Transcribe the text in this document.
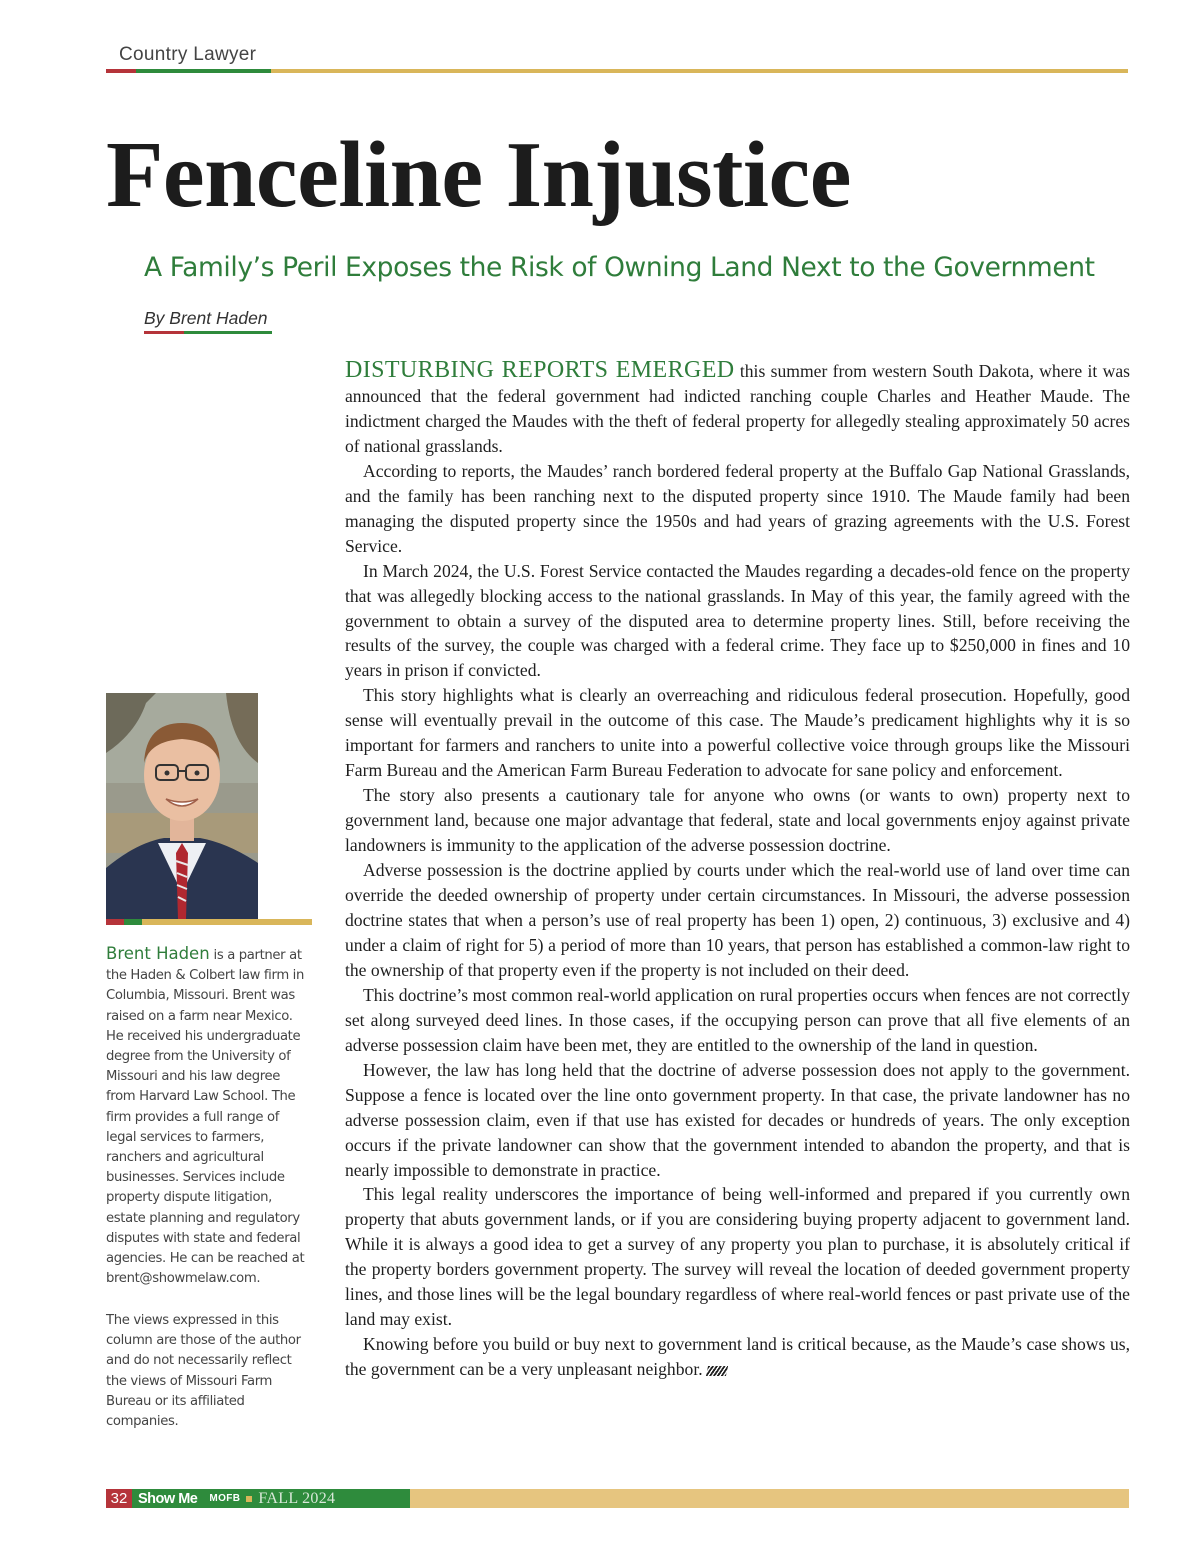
Country Lawyer
Fenceline Injustice
A Family’s Peril Exposes the Risk of Owning Land Next to the Government
By Brent Haden
Brent Haden is a partner at the Haden & Colbert law firm in Columbia, Missouri. Brent was raised on a farm near Mexico. He received his undergraduate degree from the University of Missouri and his law degree from Harvard Law School. The firm provides a full range of legal services to farmers, ranchers and agricultural businesses. Services include property dispute litigation, estate planning and regulatory disputes with state and federal agencies. He can be reached at brent@showmelaw.com.
The views expressed in this column are those of the author and do not necessarily reflect the views of Missouri Farm Bureau or its affiliated companies.

DISTURBING REPORTS EMERGED this summer from western South Dakota, where it was announced that the federal government had indicted ranching couple Charles and Heather Maude. The indictment charged the Maudes with the theft of federal property for allegedly stealing approximately 50 acres of national grasslands.

According to reports, the Maudes’ ranch bordered federal property at the Buffalo Gap National Grasslands, and the family has been ranching next to the disputed property since 1910. The Maude family had been managing the disputed property since the 1950s and had years of grazing agreements with the U.S. Forest Service.

In March 2024, the U.S. Forest Service contacted the Maudes regarding a decades-old fence on the property that was allegedly blocking access to the national grasslands. In May of this year, the family agreed with the government to obtain a survey of the disputed area to determine property lines. Still, before receiving the results of the survey, the couple was charged with a federal crime. They face up to $250,000 in fines and 10 years in prison if convicted.

This story highlights what is clearly an overreaching and ridiculous federal prosecution. Hopefully, good sense will eventually prevail in the outcome of this case. The Maude’s predicament highlights why it is so important for farmers and ranchers to unite into a powerful collective voice through groups like the Missouri Farm Bureau and the American Farm Bureau Federation to advocate for sane policy and enforcement.

The story also presents a cautionary tale for anyone who owns (or wants to own) property next to government land, because one major advantage that federal, state and local governments enjoy against private landowners is immunity to the application of the adverse possession doctrine.

Adverse possession is the doctrine applied by courts under which the real-world use of land over time can override the deeded ownership of property under certain circumstances. In Missouri, the adverse possession doctrine states that when a person’s use of real property has been 1) open, 2) continuous, 3) exclusive and 4) under a claim of right for 5) a period of more than 10 years, that person has established a common-law right to the ownership of that property even if the property is not included on their deed.

This doctrine’s most common real-world application on rural properties occurs when fences are not correctly set along surveyed deed lines. In those cases, if the occupying person can prove that all five elements of an adverse possession claim have been met, they are entitled to the ownership of the land in question.

However, the law has long held that the doctrine of adverse possession does not apply to the government. Suppose a fence is located over the line onto government property. In that case, the private landowner has no adverse possession claim, even if that use has existed for decades or hundreds of years. The only exception occurs if the private landowner can show that the government intended to abandon the property, and that is nearly impossible to demonstrate in practice.

This legal reality underscores the importance of being well-informed and prepared if you currently own property that abuts government lands, or if you are considering buying property adjacent to government land. While it is always a good idea to get a survey of any property you plan to purchase, it is absolutely critical if the property borders government property. The survey will reveal the location of deeded government property lines, and those lines will be the legal boundary regardless of where real-world fences or past private use of the land may exist.

Knowing before you build or buy next to government land is critical because, as the Maude’s case shows us, the government can be a very unpleasant neighbor.

32 Show Me MOFB FALL 2024
